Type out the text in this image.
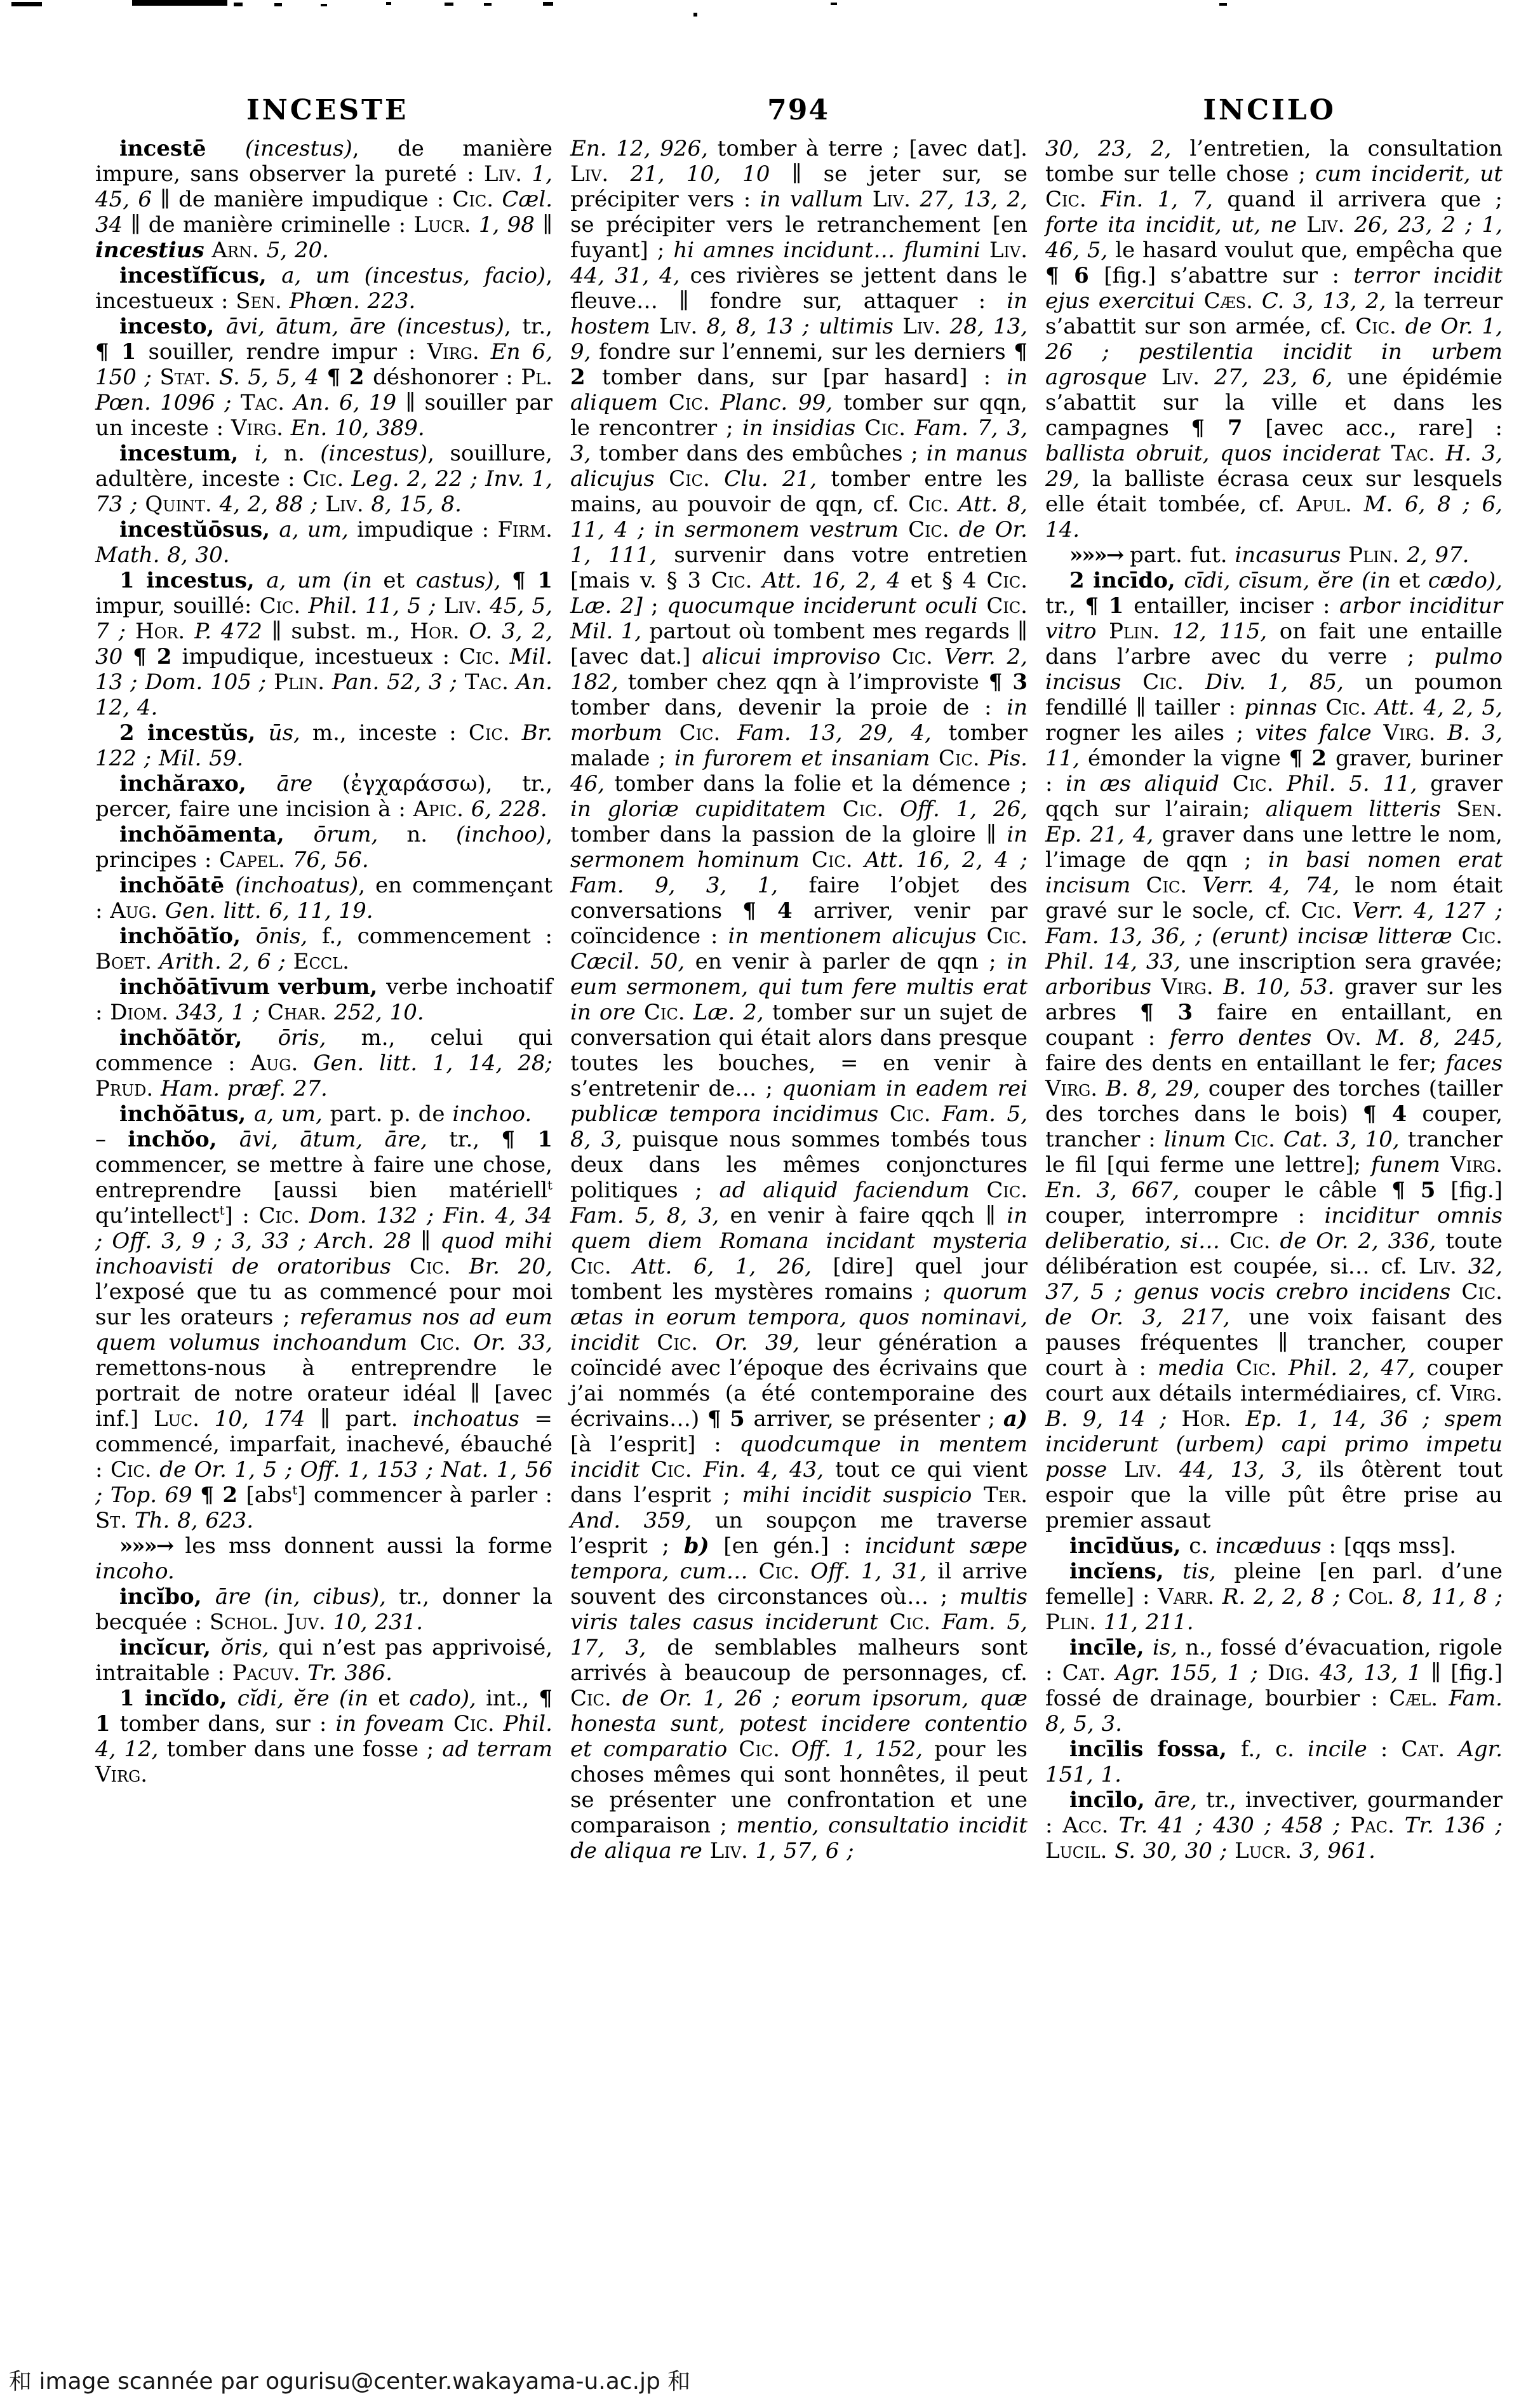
INCESTE	794	INCILO

incestē (incestus), de manière impure, sans observer la pureté : Liv. 1, 45, 6 ∥ de manière impudique : Cic. Cæl. 34 ∥ de manière criminelle : Lucr. 1, 98 ∥ incestius Arn. 5, 20.

incestĭfĭcus, a, um (incestus, facio), incestueux : Sen. Phœn. 223.

incesto, āvi, ātum, āre (incestus), tr., ¶ 1 souiller, rendre impur : Virg. En 6, 150 ; Stat. S. 5, 5, 4 ¶ 2 déshonorer : Pl. Pœn. 1096 ; Tac. An. 6, 19 ∥ souiller par un inceste : Virg. En. 10, 389.

incestum, i, n. (incestus), souillure, adultère, inceste : Cic. Leg. 2, 22 ; Inv. 1, 73 ; Quint. 4, 2, 88 ; Liv. 8, 15, 8.

incestŭōsus, a, um, impudique : Firm. Math. 8, 30.

1 incestus, a, um (in et castus), ¶ 1 impur, souillé: Cic. Phil. 11, 5 ; Liv. 45, 5, 7 ; Hor. P. 472 ∥ subst. m., Hor. O. 3, 2, 30 ¶ 2 impudique, incestueux : Cic. Mil. 13 ; Dom. 105 ; Plin. Pan. 52, 3 ; Tac. An. 12, 4.

2 incestŭs, ūs, m., inceste : Cic. Br. 122 ; Mil. 59.

inchăraxo, āre (ἐγχαράσσω), tr., percer, faire une incision à : Apic. 6, 228.

inchŏāmenta, ōrum, n. (inchoo), principes : Capel. 76, 56.

inchŏātē (inchoatus), en commençant : Aug. Gen. litt. 6, 11, 19.

inchŏātĭo, ōnis, f., commencement : Boet. Arith. 2, 6 ; Eccl.

inchŏātīvum verbum, verbe inchoatif : Diom. 343, 1 ; Char. 252, 10.

inchŏātŏr, ōris, m., celui qui commence : Aug. Gen. litt. 1, 14, 28; Prud. Ham. præf. 27.

inchŏātus, a, um, part. p. de inchoo.

– inchŏo, āvi, ātum, āre, tr., ¶ 1 commencer, se mettre à faire une chose, entreprendre [aussi bien matériell$^t$ qu’intellect$^t$] : Cic. Dom. 132 ; Fin. 4, 34 ; Off. 3, 9 ; 3, 33 ; Arch. 28 ∥ quod mihi inchoavisti de oratoribus Cic. Br. 20, l’exposé que tu as commencé pour moi sur les orateurs ; referamus nos ad eum quem volumus inchoandum Cic. Or. 33, remettons-nous à entreprendre le portrait de notre orateur idéal ∥ [avec inf.] Luc. 10, 174 ∥ part. inchoatus = commencé, imparfait, inachevé, ébauché : Cic. de Or. 1, 5 ; Off. 1, 153 ; Nat. 1, 56 ; Top. 69 ¶ 2 [abs$^t$] commencer à parler : St. Th. 8, 623.

»»»→ les mss donnent aussi la forme incoho.

incĭbo, āre (in, cibus), tr., donner la becquée : Schol. Juv. 10, 231.

incĭcur, ŏris, qui n’est pas apprivoisé, intraitable : Pacuv. Tr. 386.

1 incĭdo, cĭdi, ĕre (in et cado), int., ¶ 1 tomber dans, sur : in foveam Cic. Phil. 4, 12, tomber dans une fosse ; ad terram Virg.

En. 12, 926, tomber à terre ; [avec dat]. Liv. 21, 10, 10 ∥ se jeter sur, se précipiter vers : in vallum Liv. 27, 13, 2, se précipiter vers le retranchement [en fuyant] ; hi amnes incidunt… flumini Liv. 44, 31, 4, ces rivières se jettent dans le fleuve… ∥ fondre sur, attaquer : in hostem Liv. 8, 8, 13 ; ultimis Liv. 28, 13, 9, fondre sur l’ennemi, sur les derniers ¶ 2 tomber dans, sur [par hasard] : in aliquem Cic. Planc. 99, tomber sur qqn, le rencontrer ; in insidias Cic. Fam. 7, 3, 3, tomber dans des embûches ; in manus alicujus Cic. Clu. 21, tomber entre les mains, au pouvoir de qqn, cf. Cic. Att. 8, 11, 4 ; in sermonem vestrum Cic. de Or. 1, 111, survenir dans votre entretien [mais v. § 3 Cic. Att. 16, 2, 4 et § 4 Cic. Læ. 2] ; quocumque inciderunt oculi Cic. Mil. 1, partout où tombent mes regards ∥ [avec dat.] alicui improviso Cic. Verr. 2, 182, tomber chez qqn à l’improviste ¶ 3 tomber dans, devenir la proie de : in morbum Cic. Fam. 13, 29, 4, tomber malade ; in furorem et insaniam Cic. Pis. 46, tomber dans la folie et la démence ; in gloriæ cupiditatem Cic. Off. 1, 26, tomber dans la passion de la gloire ∥ in sermonem hominum Cic. Att. 16, 2, 4 ; Fam. 9, 3, 1, faire l’objet des conversations ¶ 4 arriver, venir par coïncidence : in mentionem alicujus Cic. Cæcil. 50, en venir à parler de qqn ; in eum sermonem, qui tum fere multis erat in ore Cic. Læ. 2, tomber sur un sujet de conversation qui était alors dans presque toutes les bouches, = en venir à s’entretenir de… ; quoniam in eadem rei publicæ tempora incidimus Cic. Fam. 5, 8, 3, puisque nous sommes tombés tous deux dans les mêmes conjonctures politiques ; ad aliquid faciendum Cic. Fam. 5, 8, 3, en venir à faire qqch ∥ in quem diem Romana incidant mysteria Cic. Att. 6, 1, 26, [dire] quel jour tombent les mystères romains ; quorum ætas in eorum tempora, quos nominavi, incidit Cic. Or. 39, leur génération a coïncidé avec l’époque des écrivains que j’ai nommés (a été contemporaine des écrivains…) ¶ 5 arriver, se présenter ; a) [à l’esprit] : quodcumque in mentem incidit Cic. Fin. 4, 43, tout ce qui vient dans l’esprit ; mihi incidit suspicio Ter. And. 359, un soupçon me traverse l’esprit ; b) [en gén.] : incidunt sæpe tempora, cum… Cic. Off. 1, 31, il arrive souvent des circonstances où… ; multis viris tales casus inciderunt Cic. Fam. 5, 17, 3, de semblables malheurs sont arrivés à beaucoup de personnages, cf. Cic. de Or. 1, 26 ; eorum ipsorum, quæ honesta sunt, potest incidere contentio et comparatio Cic. Off. 1, 152, pour les choses mêmes qui sont honnêtes, il peut se présenter une confrontation et une comparaison ; mentio, consultatio incidit de aliqua re Liv. 1, 57, 6 ;

30, 23, 2, l’entretien, la consultation tombe sur telle chose ; cum inciderit, ut Cic. Fin. 1, 7, quand il arrivera que ; forte ita incidit, ut, ne Liv. 26, 23, 2 ; 1, 46, 5, le hasard voulut que, empêcha que ¶ 6 [fig.] s’abattre sur : terror incidit ejus exercitui Cæs. C. 3, 13, 2, la terreur s’abattit sur son armée, cf. Cic. de Or. 1, 26 ; pestilentia incidit in urbem agrosque Liv. 27, 23, 6, une épidémie s’abattit sur la ville et dans les campagnes ¶ 7 [avec acc., rare] : ballista obruit, quos inciderat Tac. H. 3, 29, la balliste écrasa ceux sur lesquels elle était tombée, cf. Apul. M. 6, 8 ; 6, 14.

»»»→ part. fut. incasurus Plin. 2, 97.

2 incīdo, cīdi, cīsum, ĕre (in et cædo), tr., ¶ 1 entailler, inciser : arbor inciditur vitro Plin. 12, 115, on fait une entaille dans l’arbre avec du verre ; pulmo incisus Cic. Div. 1, 85, un poumon fendillé ∥ tailler : pinnas Cic. Att. 4, 2, 5, rogner les ailes ; vites falce Virg. B. 3, 11, émonder la vigne ¶ 2 graver, buriner : in æs aliquid Cic. Phil. 5. 11, graver qqch sur l’airain; aliquem litteris Sen. Ep. 21, 4, graver dans une lettre le nom, l’image de qqn ; in basi nomen erat incisum Cic. Verr. 4, 74, le nom était gravé sur le socle, cf. Cic. Verr. 4, 127 ; Fam. 13, 36, ; (erunt) incisæ litteræ Cic. Phil. 14, 33, une inscription sera gravée; arboribus Virg. B. 10, 53. graver sur les arbres ¶ 3 faire en entaillant, en coupant : ferro dentes Ov. M. 8, 245, faire des dents en entaillant le fer; faces Virg. B. 8, 29, couper des torches (tailler des torches dans le bois) ¶ 4 couper, trancher : linum Cic. Cat. 3, 10, trancher le fil [qui ferme une lettre]; funem Virg. En. 3, 667, couper le câble ¶ 5 [fig.] couper, interrompre : inciditur omnis deliberatio, si… Cic. de Or. 2, 336, toute délibération est coupée, si… cf. Liv. 32, 37, 5 ; genus vocis crebro incidens Cic. de Or. 3, 217, une voix faisant des pauses fréquentes ∥ trancher, couper court à : media Cic. Phil. 2, 47, couper court aux détails intermédiaires, cf. Virg. B. 9, 14 ; Hor. Ep. 1, 14, 36 ; spem inciderunt (urbem) capi primo impetu posse Liv. 44, 13, 3, ils ôtèrent tout espoir que la ville pût être prise au premier assaut

incīdŭus, c. incæduus : [qqs mss].

incĭens, tis, pleine [en parl. d’une femelle] : Varr. R. 2, 2, 8 ; Col. 8, 11, 8 ; Plin. 11, 211.

incīle, is, n., fossé d’évacuation, rigole : Cat. Agr. 155, 1 ; Dig. 43, 13, 1 ∥ [fig.] fossé de drainage, bourbier : Cæl. Fam. 8, 5, 3.

incīlis fossa, f., c. incile : Cat. Agr. 151, 1.

incīlo, āre, tr., invectiver, gourmander : Acc. Tr. 41 ; 430 ; 458 ; Pac. Tr. 136 ; Lucil. S. 30, 30 ; Lucr. 3, 961.

和 image scannée par ogurisu@center.wakayama-u.ac.jp 和
